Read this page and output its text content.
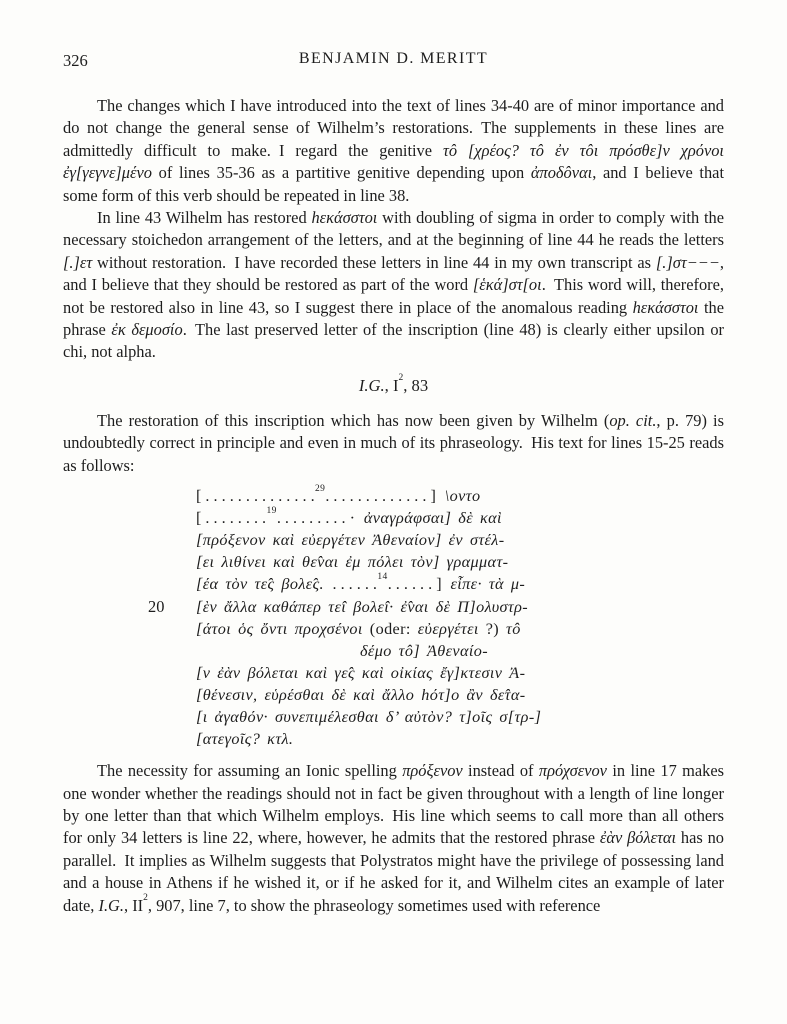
326	BENJAMIN D. MERITT

The changes which I have introduced into the text of lines 34-40 are of minor importance and do not change the general sense of Wilhelm’s restorations. The supplements in these lines are admittedly difficult to make. I regard the genitive τô [χρέος? τô ἐν τôι πρόσθε]ν χρόνοι ἐγ[γεγνε]μένο of lines 35-36 as a partitive genitive depending upon ἀποδôναι, and I believe that some form of this verb should be repeated in line 38.

In line 43 Wilhelm has restored hεκάσστοι with doubling of sigma in order to comply with the necessary stoichedon arrangement of the letters, and at the beginning of line 44 he reads the letters [.]ετ without restoration. I have recorded these letters in line 44 in my own transcript as [.]στ−−−, and I believe that they should be restored as part of the word [ἑκά]στ[οι. This word will, therefore, not be restored also in line 43, so I suggest there in place of the anomalous reading hεκάσστοι the phrase ἐκ δεμοσίο. The last preserved letter of the inscription (line 48) is clearly either upsilon or chi, not alpha.

I.G., $I^2$, 83

The restoration of this inscription which has now been given by Wilhelm (op. cit., p. 79) is undoubtedly correct in principle and even in much of its phraseology. His text for lines 15-25 reads as follows:

[ . . . . . . . . . . . . . .$^{29}$. . . . . . . . . . . . . ] \οντο
[ . . . . . . . .$^{19}$. . . . . . . . . · ἀναγράφσαι] δὲ καὶ
[πρόξενον καὶ εὐεργέτεν Ἀθεναίον] ἐν στέλ-
[ει λιθίνει καὶ θε̂ναι ἐμ πόλει τὸν] γραμματ-
[έα τὸν τε̂ς βολε̂ς. . . . . . .$^{14}$. . . . . . ] εἶπε· τὰ μ-
20 [ὲν ἄλλα καθάπερ τε̂ι βολε̂ι· ἐ̂ναι δὲ Π]ολυστρ-
[άτοι ὁς ὄντι προχσένοι (oder: εὐεργέτει ?) τô
δέμο τô] Ἀθεναίο-
[ν ἐὰν βόλεται καὶ γε̂ς καὶ οἰκίας ἔγ]κτεσιν Ἀ-
[θένεσιν, εὑρέσθαι δὲ καὶ ἄλλο hότ]ο ἂν δε̂τα-
[ι ἀγαθόν· συνεπιμέλεσθαι δ’ αὐτὸν? τ]οῖς σ[τρ-]
[ατεγοῖς? κτλ.

The necessity for assuming an Ionic spelling πρόξενον instead of πρόχσενον in line 17 makes one wonder whether the readings should not in fact be given throughout with a length of line longer by one letter than that which Wilhelm employs. His line which seems to call more than all others for only 34 letters is line 22, where, however, he admits that the restored phrase ἐὰν βόλεται has no parallel. It implies as Wilhelm suggests that Polystratos might have the privilege of possessing land and a house in Athens if he wished it, or if he asked for it, and Wilhelm cites an example of later date, I.G., $II^2$, 907, line 7, to show the phraseology sometimes used with reference
